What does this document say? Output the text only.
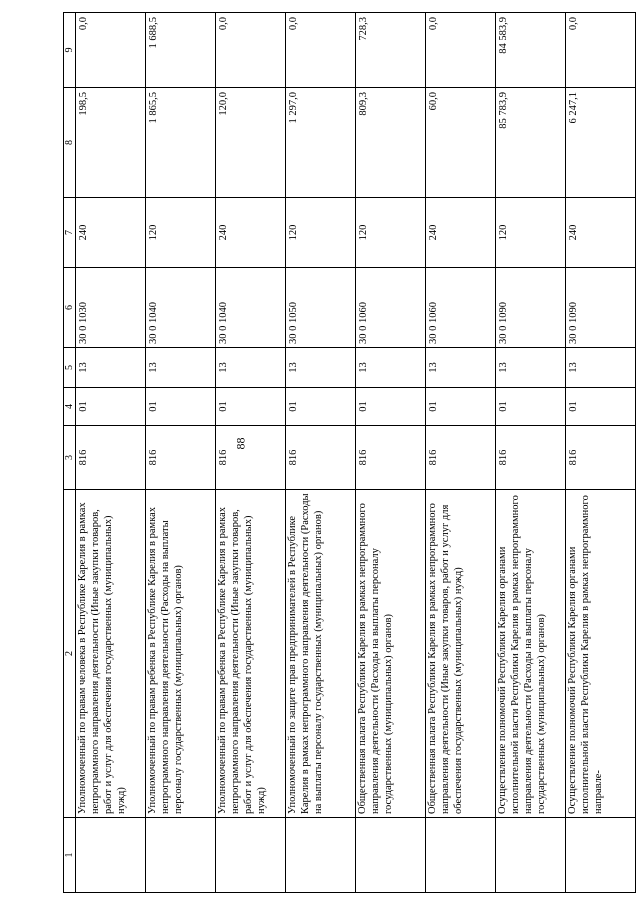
88
1	2	3	4	5	6	7	8	9
	Уполномоченный по правам человека в Республике Карелия в рамках непрограммного направления деятельности (Иные закупки товаров, работ и услуг для обеспечения государственных (муниципальных) нужд)	816	01	13	30 0 1030	240	198,5	0,0
	Уполномоченный по правам ребенка в Республике Карелия в рамках непрограммного направления деятельности (Расходы на выплаты персоналу государственных (муниципальных) органов)	816	01	13	30 0 1040	120	1 865,5	1 688,5
	Уполномоченный по правам ребенка в Республике Карелия в рамках непрограммного направления деятельности (Иные закупки товаров, работ и услуг для обеспечения государственных (муниципальных) нужд)	816	01	13	30 0 1040	240	120,0	0,0
	Уполномоченный по защите прав предпринимателей в Республике Карелия в рамках непрограммного направления деятельности (Расходы на выплаты персоналу государственных (муниципальных) органов)	816	01	13	30 0 1050	120	1 297,0	0,0
	Общественная палата Республики Карелия в рамках непрограммного направления деятельности (Расходы на выплаты персоналу государственных (муниципальных) органов)	816	01	13	30 0 1060	120	809,3	728,3
	Общественная палата Республики Карелия в рамках непрограммного направления деятельности (Иные закупки товаров, работ и услуг для обеспечения государственных (муниципальных) нужд)	816	01	13	30 0 1060	240	60,0	0,0
	Осуществление полномочий Республики Карелия органами исполнительной власти Республики Карелия в рамках непрограммного направления деятельности (Расходы на выплаты персоналу государственных (муниципальных) органов)	816	01	13	30 0 1090	120	85 783,9	84 583,9
	Осуществление полномочий Республики Карелия органами исполнительной власти Республики Карелия в рамках непрограммного направле-	816	01	13	30 0 1090	240	6 247,1	0,0
